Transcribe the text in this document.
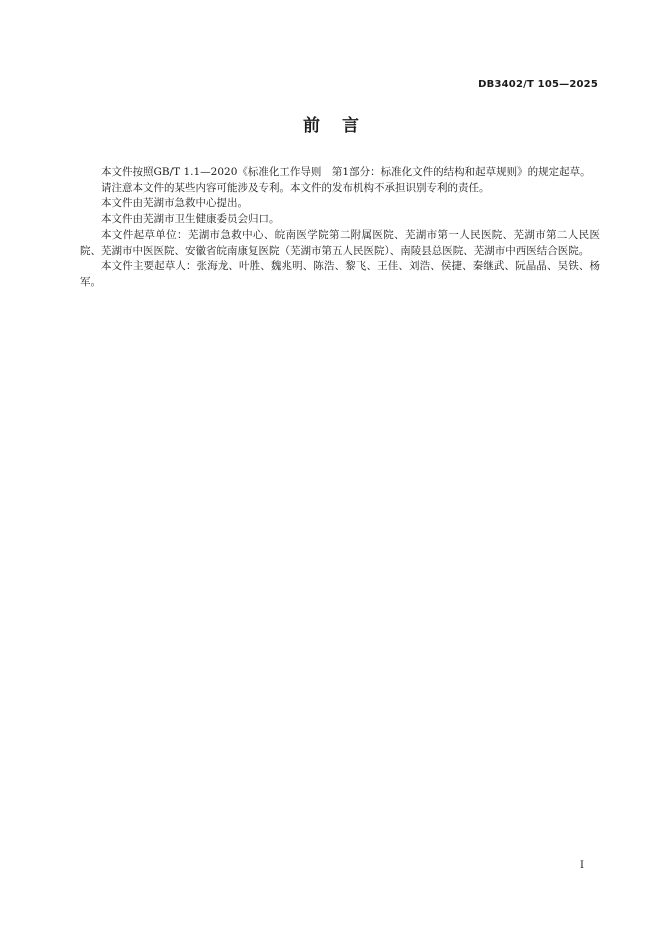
DB3402/T 105—2025
前言

本文件按照GB/T 1.1—2020《标准化工作导则　第1部分：标准化文件的结构和起草规则》的规定起草。

请注意本文件的某些内容可能涉及专利。本文件的发布机构不承担识别专利的责任。

本文件由芜湖市急救中心提出。

本文件由芜湖市卫生健康委员会归口。

本文件起草单位：芜湖市急救中心、皖南医学院第二附属医院、芜湖市第一人民医院、芜湖市第二人民医院、芜湖市中医医院、安徽省皖南康复医院（芜湖市第五人民医院）、南陵县总医院、芜湖市中西医结合医院。

本文件主要起草人：张海龙、叶胜、魏兆明、陈浩、黎飞、王佳、刘浩、侯捷、秦继武、阮晶晶、吴铁、杨军。

I
